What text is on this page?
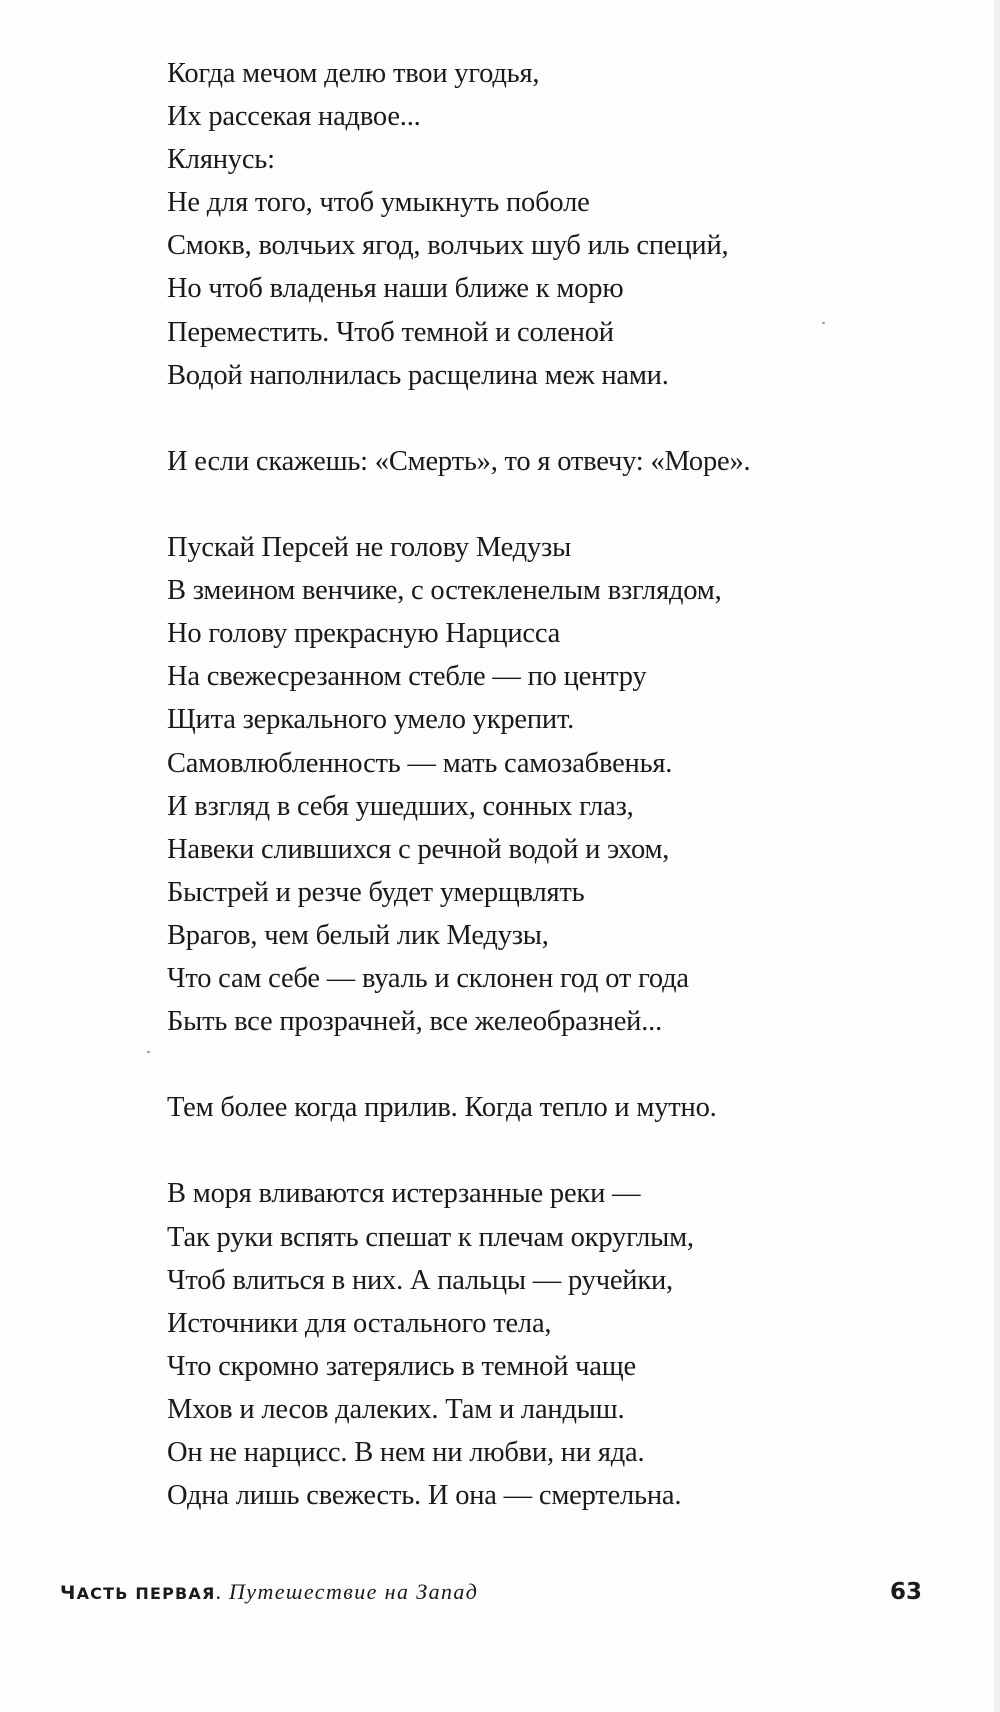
Когда мечом делю твои угодья,
Их рассекая надвое...
Клянусь:
Не для того, чтоб умыкнуть поболе
Смокв, волчьих ягод, волчьих шуб иль специй,
Но чтоб владенья наши ближе к морю
Переместить. Чтоб темной и соленой
Водой наполнилась расщелина меж нами.
И если скажешь: «Смерть», то я отвечу: «Море».
Пускай Персей не голову Медузы
В змеином венчике, с остекленелым взглядом,
Но голову прекрасную Нарцисса
На свежесрезанном стебле — по центру
Щита зеркального умело укрепит.
Самовлюбленность — мать самозабвенья.
И взгляд в себя ушедших, сонных глаз,
Навеки слившихся с речной водой и эхом,
Быстрей и резче будет умерщвлять
Врагов, чем белый лик Медузы,
Что сам себе — вуаль и склонен год от года
Быть все прозрачней, все желеобразней...
Тем более когда прилив. Когда тепло и мутно.
В моря вливаются истерзанные реки —
Так руки вспять спешат к плечам округлым,
Чтоб влиться в них. А пальцы — ручейки,
Источники для остального тела,
Что скромно затерялись в темной чаще
Мхов и лесов далеких. Там и ландыш.
Он не нарцисс. В нем ни любви, ни яда.
Одна лишь свежесть. И она — смертельна.
ЧАСТЬ ПЕРВАЯ . Путешествие на Запад	63
